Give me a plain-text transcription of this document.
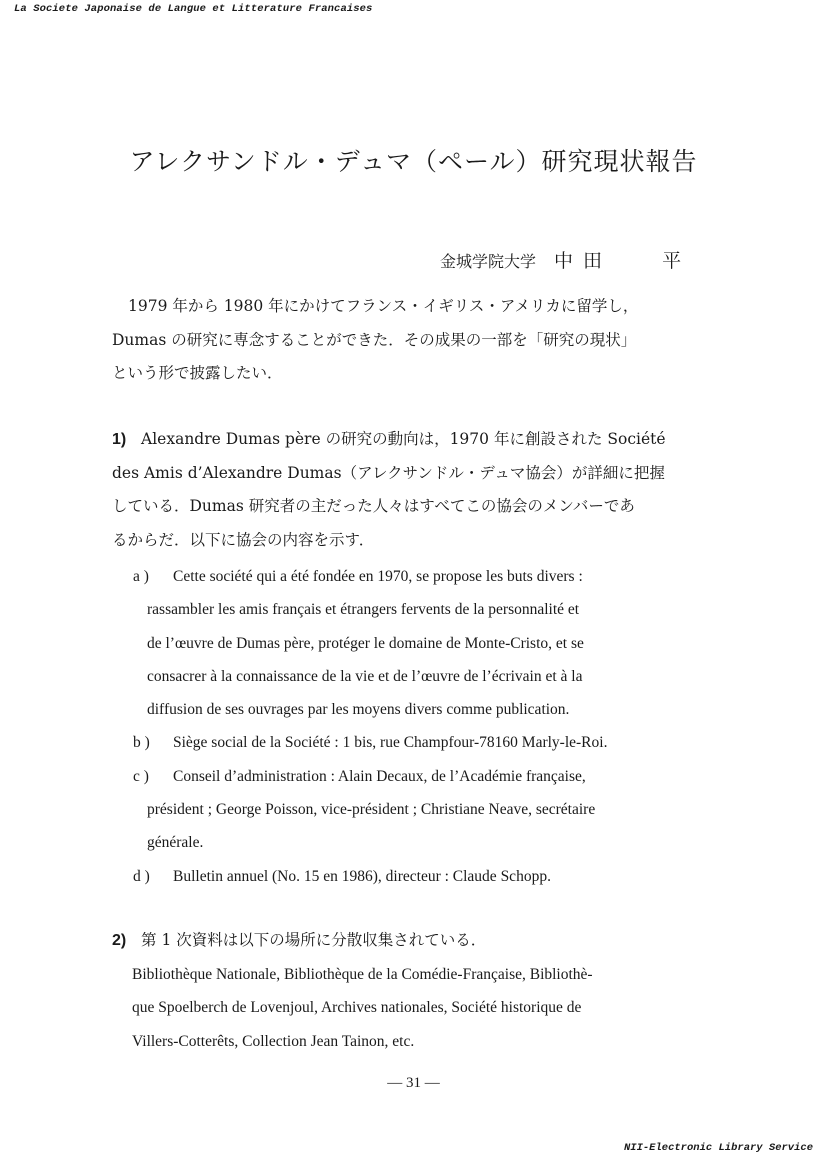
La Societe Japonaise de Langue et Litterature Francaises
アレクサンドル・デュマ（ペール）研究現状報告
金城学院大学 中 田	平
1979 年から 1980 年にかけてフランス・イギリス・アメリカに留学し，
Dumas の研究に専念することができた．その成果の一部を「研究の現状」
という形で披露したい．
1) Alexandre Dumas père の研究の動向は，1970 年に創設された Société
des Amis d’Alexandre Dumas（アレクサンドル・デュマ協会）が詳細に把握
している．Dumas 研究者の主だった人々はすべてこの協会のメンバーであ
るからだ．以下に協会の内容を示す．
a )	Cette société qui a été fondée en 1970, se propose les buts divers :
rassambler les amis français et étrangers fervents de la personnalité et
de l’œuvre de Dumas père, protéger le domaine de Monte-Cristo, et se
consacrer à la connaissance de la vie et de l’œuvre de l’écrivain et à la
diffusion de ses ouvrages par les moyens divers comme publication.
b )	Siège social de la Société : 1 bis, rue Champfour-78160 Marly-le-Roi.
c )	Conseil d’administration : Alain Decaux, de l’Académie française,
président ; George Poisson, vice-président ; Christiane Neave, secrétaire
générale.
d )	Bulletin annuel (No. 15 en 1986), directeur : Claude Schopp.
2) 第 1 次資料は以下の場所に分散収集されている．
Bibliothèque Nationale, Bibliothèque de la Comédie-Française, Bibliothè-
que Spoelberch de Lovenjoul, Archives nationales, Société historique de
Villers-Cotterêts, Collection Jean Tainon, etc.
— 31 —
NII-Electronic Library Service
